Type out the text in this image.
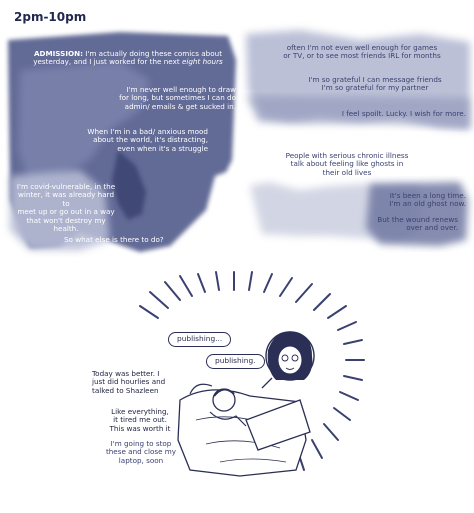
2pm-10pm
ADMISSION: I'm actually doing these comics about
yesterday, and I just worked for the next eight hours
I'm never well enough to draw
for long, but sometimes I can do
admin/ emails & get sucked in.
When I'm in a bad/ anxious mood
about the world, it's distracting,
even when it's a struggle
I'm covid-vulnerable, in the
winter, it was already hard to
meet up or go out in a way
that won't destroy my health.
So what else is there to do?
often I'm not even well enough for games
or TV, or to see most friends IRL for months
I'm so grateful I can message friends
I'm so grateful for my partner
I feel spoilt. Lucky. I wish for more.
People with serious chronic illness
talk about feeling like ghosts in
their old lives
It's been a long time.
I'm an old ghost now.
But the wound renews
over and over.
publishing...
publishing.
Today was better. I
just did hourlies and
talked to Shazleen
Like everything,
it tired me out.
This was worth it
I'm going to stop
these and close my
laptop, soon
